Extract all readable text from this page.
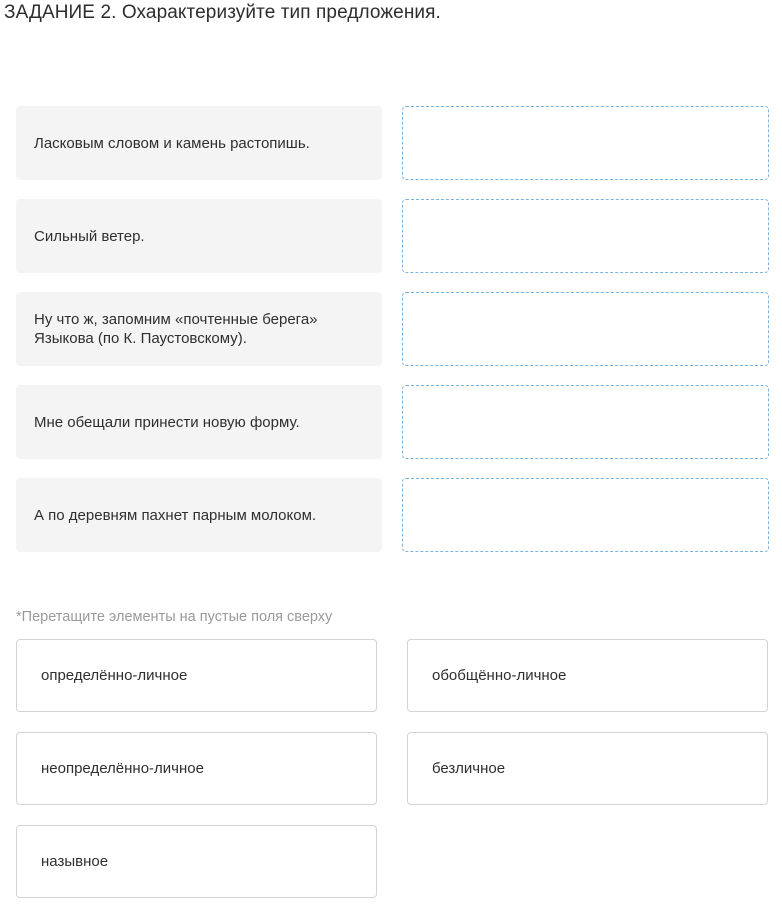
ЗАДАНИЕ 2. Охарактеризуйте тип предложения.
Ласковым словом и камень растопишь.
Сильный ветер.
Ну что ж, запомним «почтенные берега» Языкова (по К. Паустовскому).
Мне обещали принести новую форму.
А по деревням пахнет парным молоком.
*Перетащите элементы на пустые поля сверху
определённо-личное	обобщённо-личное
неопределённо-личное	безличное
назывное
